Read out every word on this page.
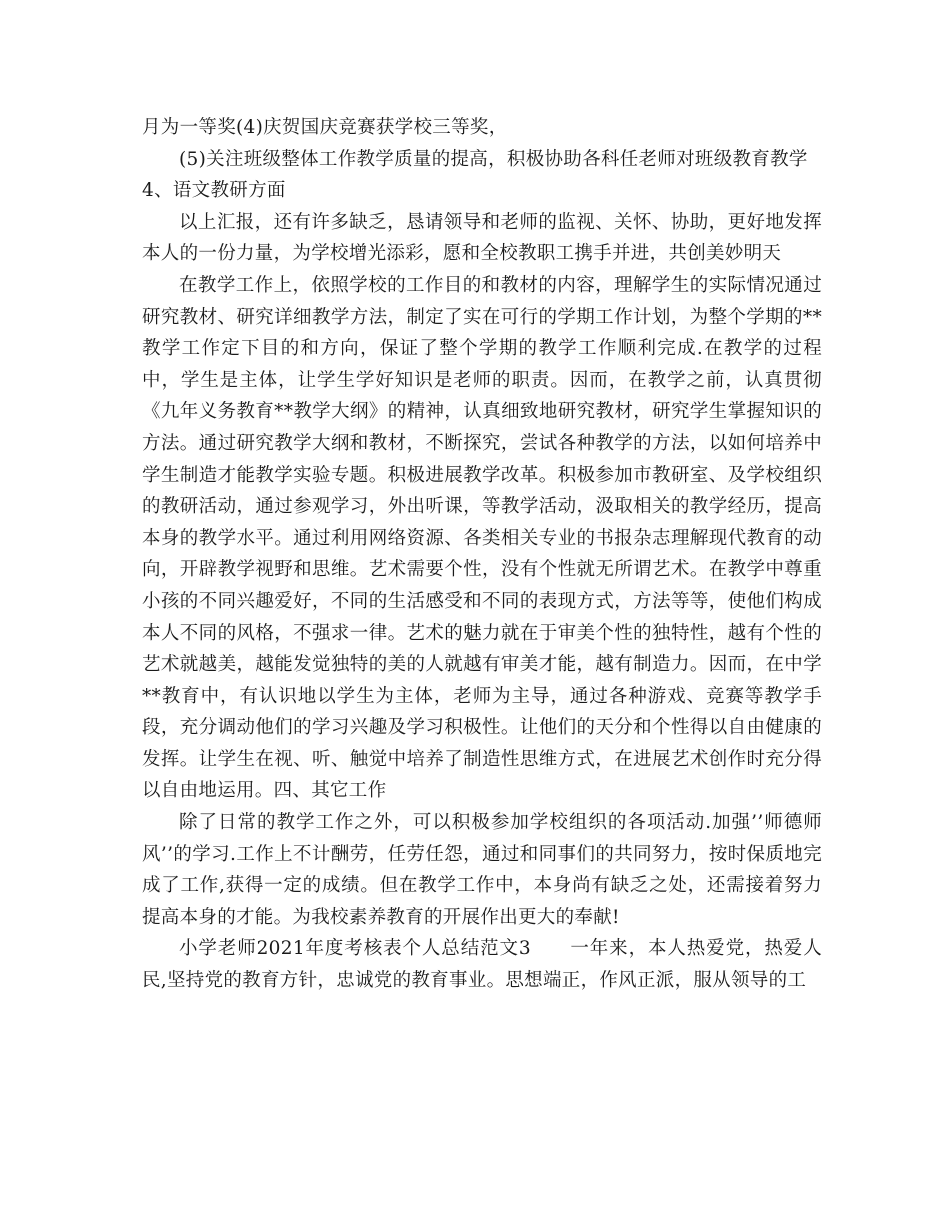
月为一等奖(4)庆贺国庆竞赛获学校三等奖，

(5)关注班级整体工作教学质量的提高，积极协助各科任老师对班级教育教学

4、语文教研方面

以上汇报，还有许多缺乏，恳请领导和老师的监视、关怀、协助，更好地发挥本人的一份力量，为学校增光添彩，愿和全校教职工携手并进，共创美妙明天

在教学工作上，依照学校的工作目的和教材的内容，理解学生的实际情况通过研究教材、研究详细教学方法，制定了实在可行的学期工作计划，为整个学期的**教学工作定下目的和方向，保证了整个学期的教学工作顺利完成.在教学的过程中，学生是主体，让学生学好知识是老师的职责。因而，在教学之前，认真贯彻《九年义务教育**教学大纲》的精神，认真细致地研究教材，研究学生掌握知识的方法。通过研究教学大纲和教材，不断探究，尝试各种教学的方法，以如何培养中学生制造才能教学实验专题。积极进展教学改革。积极参加市教研室、及学校组织的教研活动，通过参观学习，外出听课，等教学活动，汲取相关的教学经历，提高本身的教学水平。通过利用网络资源、各类相关专业的书报杂志理解现代教育的动向，开辟教学视野和思维。艺术需要个性，没有个性就无所谓艺术。在教学中尊重小孩的不同兴趣爱好，不同的生活感受和不同的表现方式，方法等等，使他们构成本人不同的风格，不强求一律。艺术的魅力就在于审美个性的独特性，越有个性的艺术就越美，越能发觉独特的美的人就越有审美才能，越有制造力。因而，在中学**教育中，有认识地以学生为主体，老师为主导，通过各种游戏、竞赛等教学手段，充分调动他们的学习兴趣及学习积极性。让他们的天分和个性得以自由健康的发挥。让学生在视、听、触觉中培养了制造性思维方式，在进展艺术创作时充分得以自由地运用。四、其它工作

除了日常的教学工作之外，可以积极参加学校组织的各项活动.加强’’师德师风’’的学习.工作上不计酬劳，任劳任怨，通过和同事们的共同努力，按时保质地完成了工作,获得一定的成绩。但在教学工作中，本身尚有缺乏之处，还需接着努力提高本身的才能。为我校素养教育的开展作出更大的奉献!

小学老师2021年度考核表个人总结范文3　　一年来，本人热爱党，热爱人民,坚持党的教育方针，忠诚党的教育事业。思想端正，作风正派，服从领导的工
